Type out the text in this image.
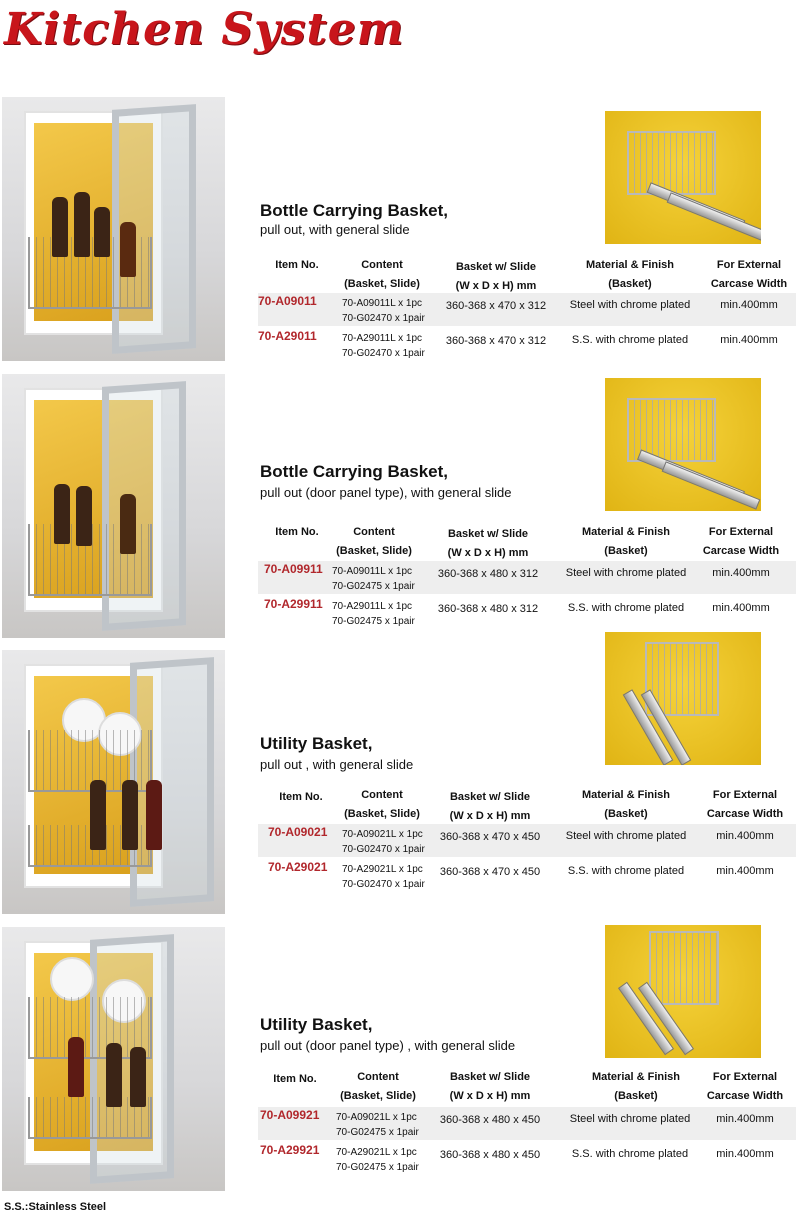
Kitchen System
Bottle Carrying Basket,
pull out, with general slide
Item No.	Content
(Basket, Slide)
Basket w/ Slide
(W x D x H) mm
Material & Finish
(Basket)
For External
Carcase Width
70-A09011	70-A09011L x 1pc
70-G02470 x 1pair
360-368 x 470 x 312	Steel with chrome plated	min.400mm
70-A29011	70-A29011L x 1pc
70-G02470 x 1pair
360-368 x 470 x 312	S.S. with chrome plated	min.400mm
Bottle Carrying Basket,
pull out (door panel type), with general slide
Item No.	Content
(Basket, Slide)
Basket w/ Slide
(W x D x H) mm
Material & Finish
(Basket)
For External
Carcase Width
70-A09911 70-A09011L x 1pc
70-G02475 x 1pair
360-368 x 480 x 312	Steel with chrome plated	min.400mm
70-A29911 70-A29011L x 1pc
70-G02475 x 1pair
360-368 x 480 x 312	S.S. with chrome plated	min.400mm
Utility Basket,
pull out , with general slide
Item No.	Content
(Basket, Slide)
Basket w/ Slide
(W x D x H) mm
Material & Finish
(Basket)
For External
Carcase Width
70-A09021	70-A09021L x 1pc
70-G02470 x 1pair
360-368 x 470 x 450	Steel with chrome plated	min.400mm
70-A29021	70-A29021L x 1pc
70-G02470 x 1pair
360-368 x 470 x 450	S.S. with chrome plated	min.400mm
Utility Basket,
pull out (door panel type) , with general slide
Item No.	Content
(Basket, Slide)
Basket w/ Slide
(W x D x H) mm
Material & Finish
(Basket)
For External
Carcase Width
70-A09921	70-A09021L x 1pc
70-G02475 x 1pair
360-368 x 480 x 450	Steel with chrome plated	min.400mm
70-A29921	70-A29021L x 1pc
70-G02475 x 1pair
360-368 x 480 x 450	S.S. with chrome plated	min.400mm
S.S.:Stainless Steel
